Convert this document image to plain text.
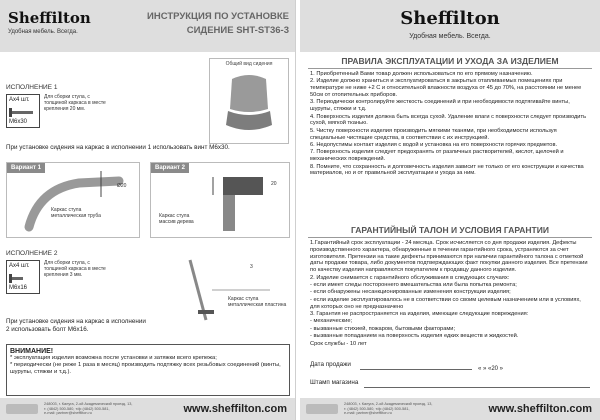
Sheffilton
Удобная мебель. Всегда.
ИНСТРУКЦИЯ ПО УСТАНОВКЕ
СИДЕНИЕ SHT-ST36-3
Общий вид сидения
ИСПОЛНЕНИЕ 1
Ax4 шт.
M6x30
Для сборки стула, с толщиной каркаса в месте крепления 20 мм.
При установке сидения на каркас в исполнении 1 использовать винт M6x30.
Вариант 1
Каркас стула
металлическая труба
Ø20
Вариант 2
Каркас стула
массив дерева
20
ИСПОЛНЕНИЕ 2
Ax4 шт.
M6x16
Для сборки стула, с толщиной каркаса в месте крепления 3 мм.
При установке сидения на каркас в исполнении 2 использовать болт M6x16.
Каркас стула
металлическая пластина
3
ВНИМАНИЕ!
* эксплуатация изделия возможна после установки и затяжки всего крепежа;
* периодически (не реже 1 раза в месяц) производить подтяжку всех резьбовых соединений (винты, шурупы, стяжки и т.д.).
248003, г. Калуга, 2-ой Академический проезд, 13,
т. (4842) 500-580, т/ф (4842) 500-581,
e-mail: partner@sheffilton.ru	www.sheffilton.com
Sheffilton
Удобная мебель. Всегда.
ПРАВИЛА ЭКСПЛУАТАЦИИ И УХОДА ЗА ИЗДЕЛИЕМ

1. Приобретенный Вами товар должен использоваться по его прямому назначению.

2. Изделие должно храниться и эксплуатироваться в закрытых отапливаемых помещениях при температуре не ниже +2 С и относительной влажности воздуха от 45 до 70%, на расстоянии не менее 50см от отопительных приборов.

3. Периодически контролируйте жесткость соединений и при необходимости подтягивайте винты, шурупы, стяжки и т.д.

4. Поверхность изделия должна быть всегда сухой. Удаление влаги с поверхности следует производить сухой, мягкой тканью.

5. Чистку поверхности изделия производить мягкими тканями, при необходимости используя специальные чистящие средства, в соответствии с их инструкцией.

6. Недопустимы контакт изделия с водой и установка на его поверхности горячих предметов.

7. Поверхность изделия следует предохранять от различных растворителей, кислот, щелочей и механических повреждений.

8. Помните, что сохранность и долговечность изделия зависит не только от его конструкции и качества материалов, но и от правильной эксплуатации и ухода за ним.

ГАРАНТИЙНЫЙ ТАЛОН И УСЛОВИЯ ГАРАНТИИ

1.Гарантийный срок эксплуатации - 24 месяца. Срок исчисляется со дня продажи изделия. Дефекты производственного характера, обнаруженные в течении гарантийного срока, устраняются за счет изготовителя. Претензии на такие дефекты принимаются при наличии гарантийного талона с отметкой даты продажи товара, либо документов подтверждающих факт покупки данного изделия. Все претензии по качеству изделия направляются покупателем к продавцу данного изделия.

2. Изделие снимается с гарантийного обслуживания в следующих случаях:

- если имеет следы постороннего вмешательства или была попытка ремонта;

- если обнаружены несанкционированные изменения конструкции изделия;

- если изделие эксплуатировалось не в соответствии со своим целевым назначением или в условиях, для которых оно не предназначено

3. Гарантия не распространяется на изделия, имеющие следующие повреждения:

- механические;

- вызванные стихией, пожаром, бытовыми факторами;

- вызванные попаданием на поверхность изделия едких веществ и жидкостей.

Срок службы - 10 лет

Дата продажи
« » «20 »
Штамп магазина
248003, г. Калуга, 2-ой Академический проезд, 13,
т. (4842) 500-580, т/ф (4842) 500-581,
e-mail: partner@sheffilton.ru	www.sheffilton.com
